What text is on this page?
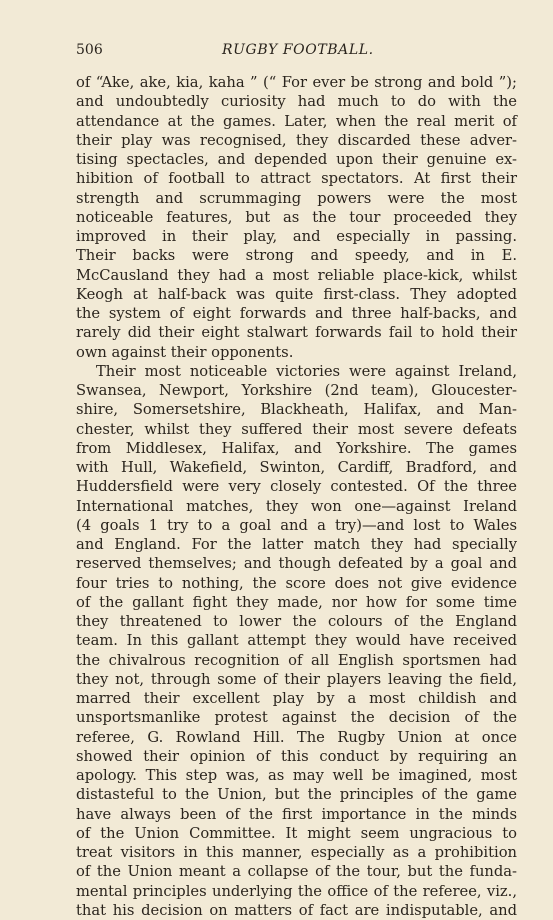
506	RUGBY FOOTBALL.
of “Ake, ake, kia, kaha ” (“ For ever be strong and bold ”);
and undoubtedly curiosity had much to do with the
attendance at the games. Later, when the real merit of
their play was recognised, they discarded these adver-
tising spectacles, and depended upon their genuine ex-
hibition of football to attract spectators. At first their
strength and scrummaging powers were the most
noticeable features, but as the tour proceeded they
improved in their play, and especially in passing.
Their backs were strong and speedy, and in E.
McCausland they had a most reliable place-kick, whilst
Keogh at half-back was quite first-class. They adopted
the system of eight forwards and three half-backs, and
rarely did their eight stalwart forwards fail to hold their
own against their opponents.
Their most noticeable victories were against Ireland,
Swansea, Newport, Yorkshire (2nd team), Gloucester-
shire, Somersetshire, Blackheath, Halifax, and Man-
chester, whilst they suffered their most severe defeats
from Middlesex, Halifax, and Yorkshire. The games
with Hull, Wakefield, Swinton, Cardiff, Bradford, and
Huddersfield were very closely contested. Of the three
International matches, they won one—against Ireland
(4 goals 1 try to a goal and a try)—and lost to Wales
and England. For the latter match they had specially
reserved themselves; and though defeated by a goal and
four tries to nothing, the score does not give evidence
of the gallant fight they made, nor how for some time
they threatened to lower the colours of the England
team. In this gallant attempt they would have received
the chivalrous recognition of all English sportsmen had
they not, through some of their players leaving the field,
marred their excellent play by a most childish and
unsportsmanlike protest against the decision of the
referee, G. Rowland Hill. The Rugby Union at once
showed their opinion of this conduct by requiring an
apology. This step was, as may well be imagined, most
distasteful to the Union, but the principles of the game
have always been of the first importance in the minds
of the Union Committee. It might seem ungracious to
treat visitors in this manner, especially as a prohibition
of the Union meant a collapse of the tour, but the funda-
mental principles underlying the office of the referee, viz.,
that his decision on matters of fact are indisputable, and
